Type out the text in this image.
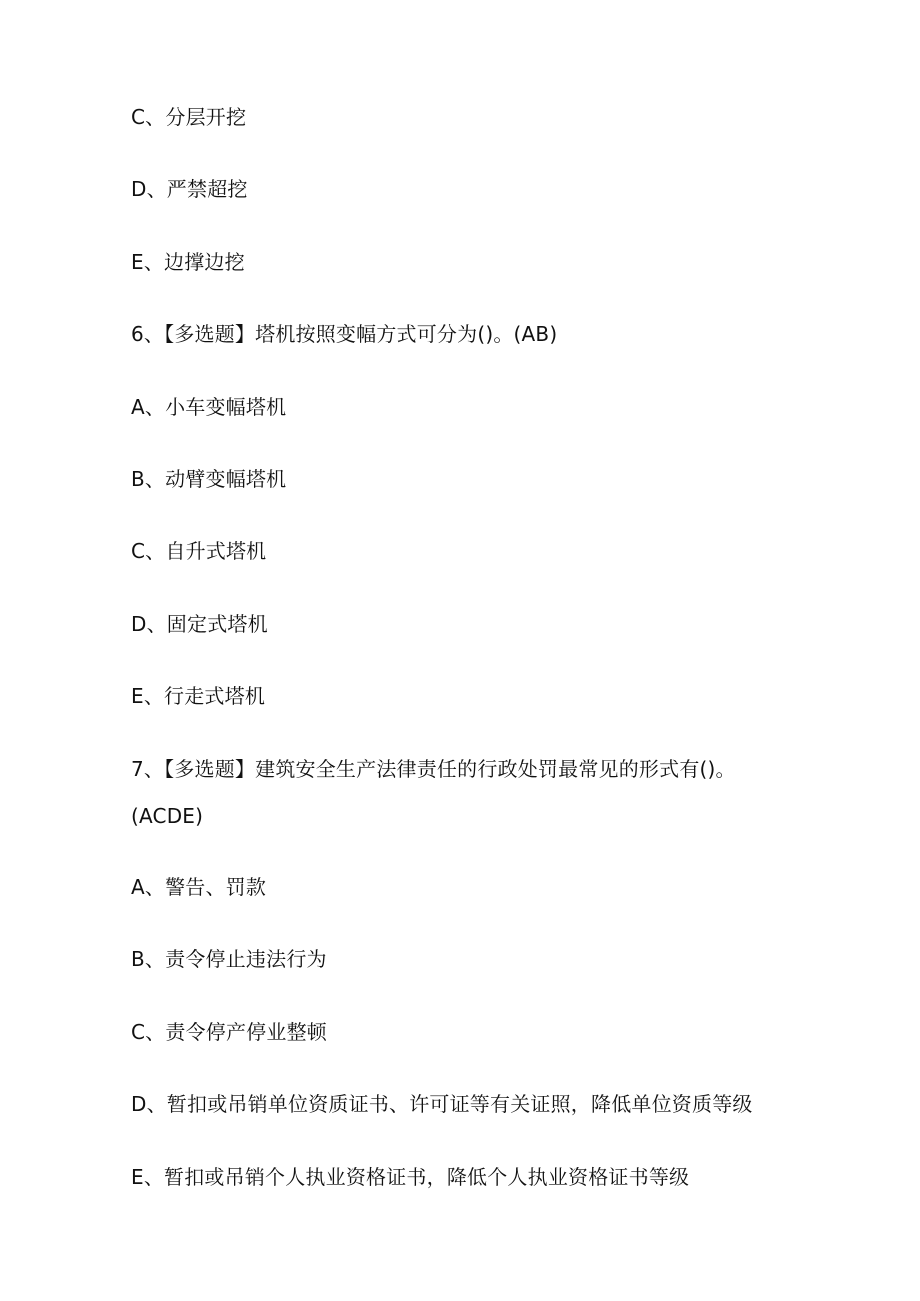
C、分层开挖
D、严禁超挖
E、边撑边挖
6、【多选题】塔机按照变幅方式可分为()。(AB)
A、小车变幅塔机
B、动臂变幅塔机
C、自升式塔机
D、固定式塔机
E、行走式塔机
7、【多选题】建筑安全生产法律责任的行政处罚最常见的形式有()。
(ACDE)
A、警告、罚款
B、责令停止违法行为
C、责令停产停业整顿
D、暂扣或吊销单位资质证书、许可证等有关证照，降低单位资质等级
E、暂扣或吊销个人执业资格证书，降低个人执业资格证书等级
